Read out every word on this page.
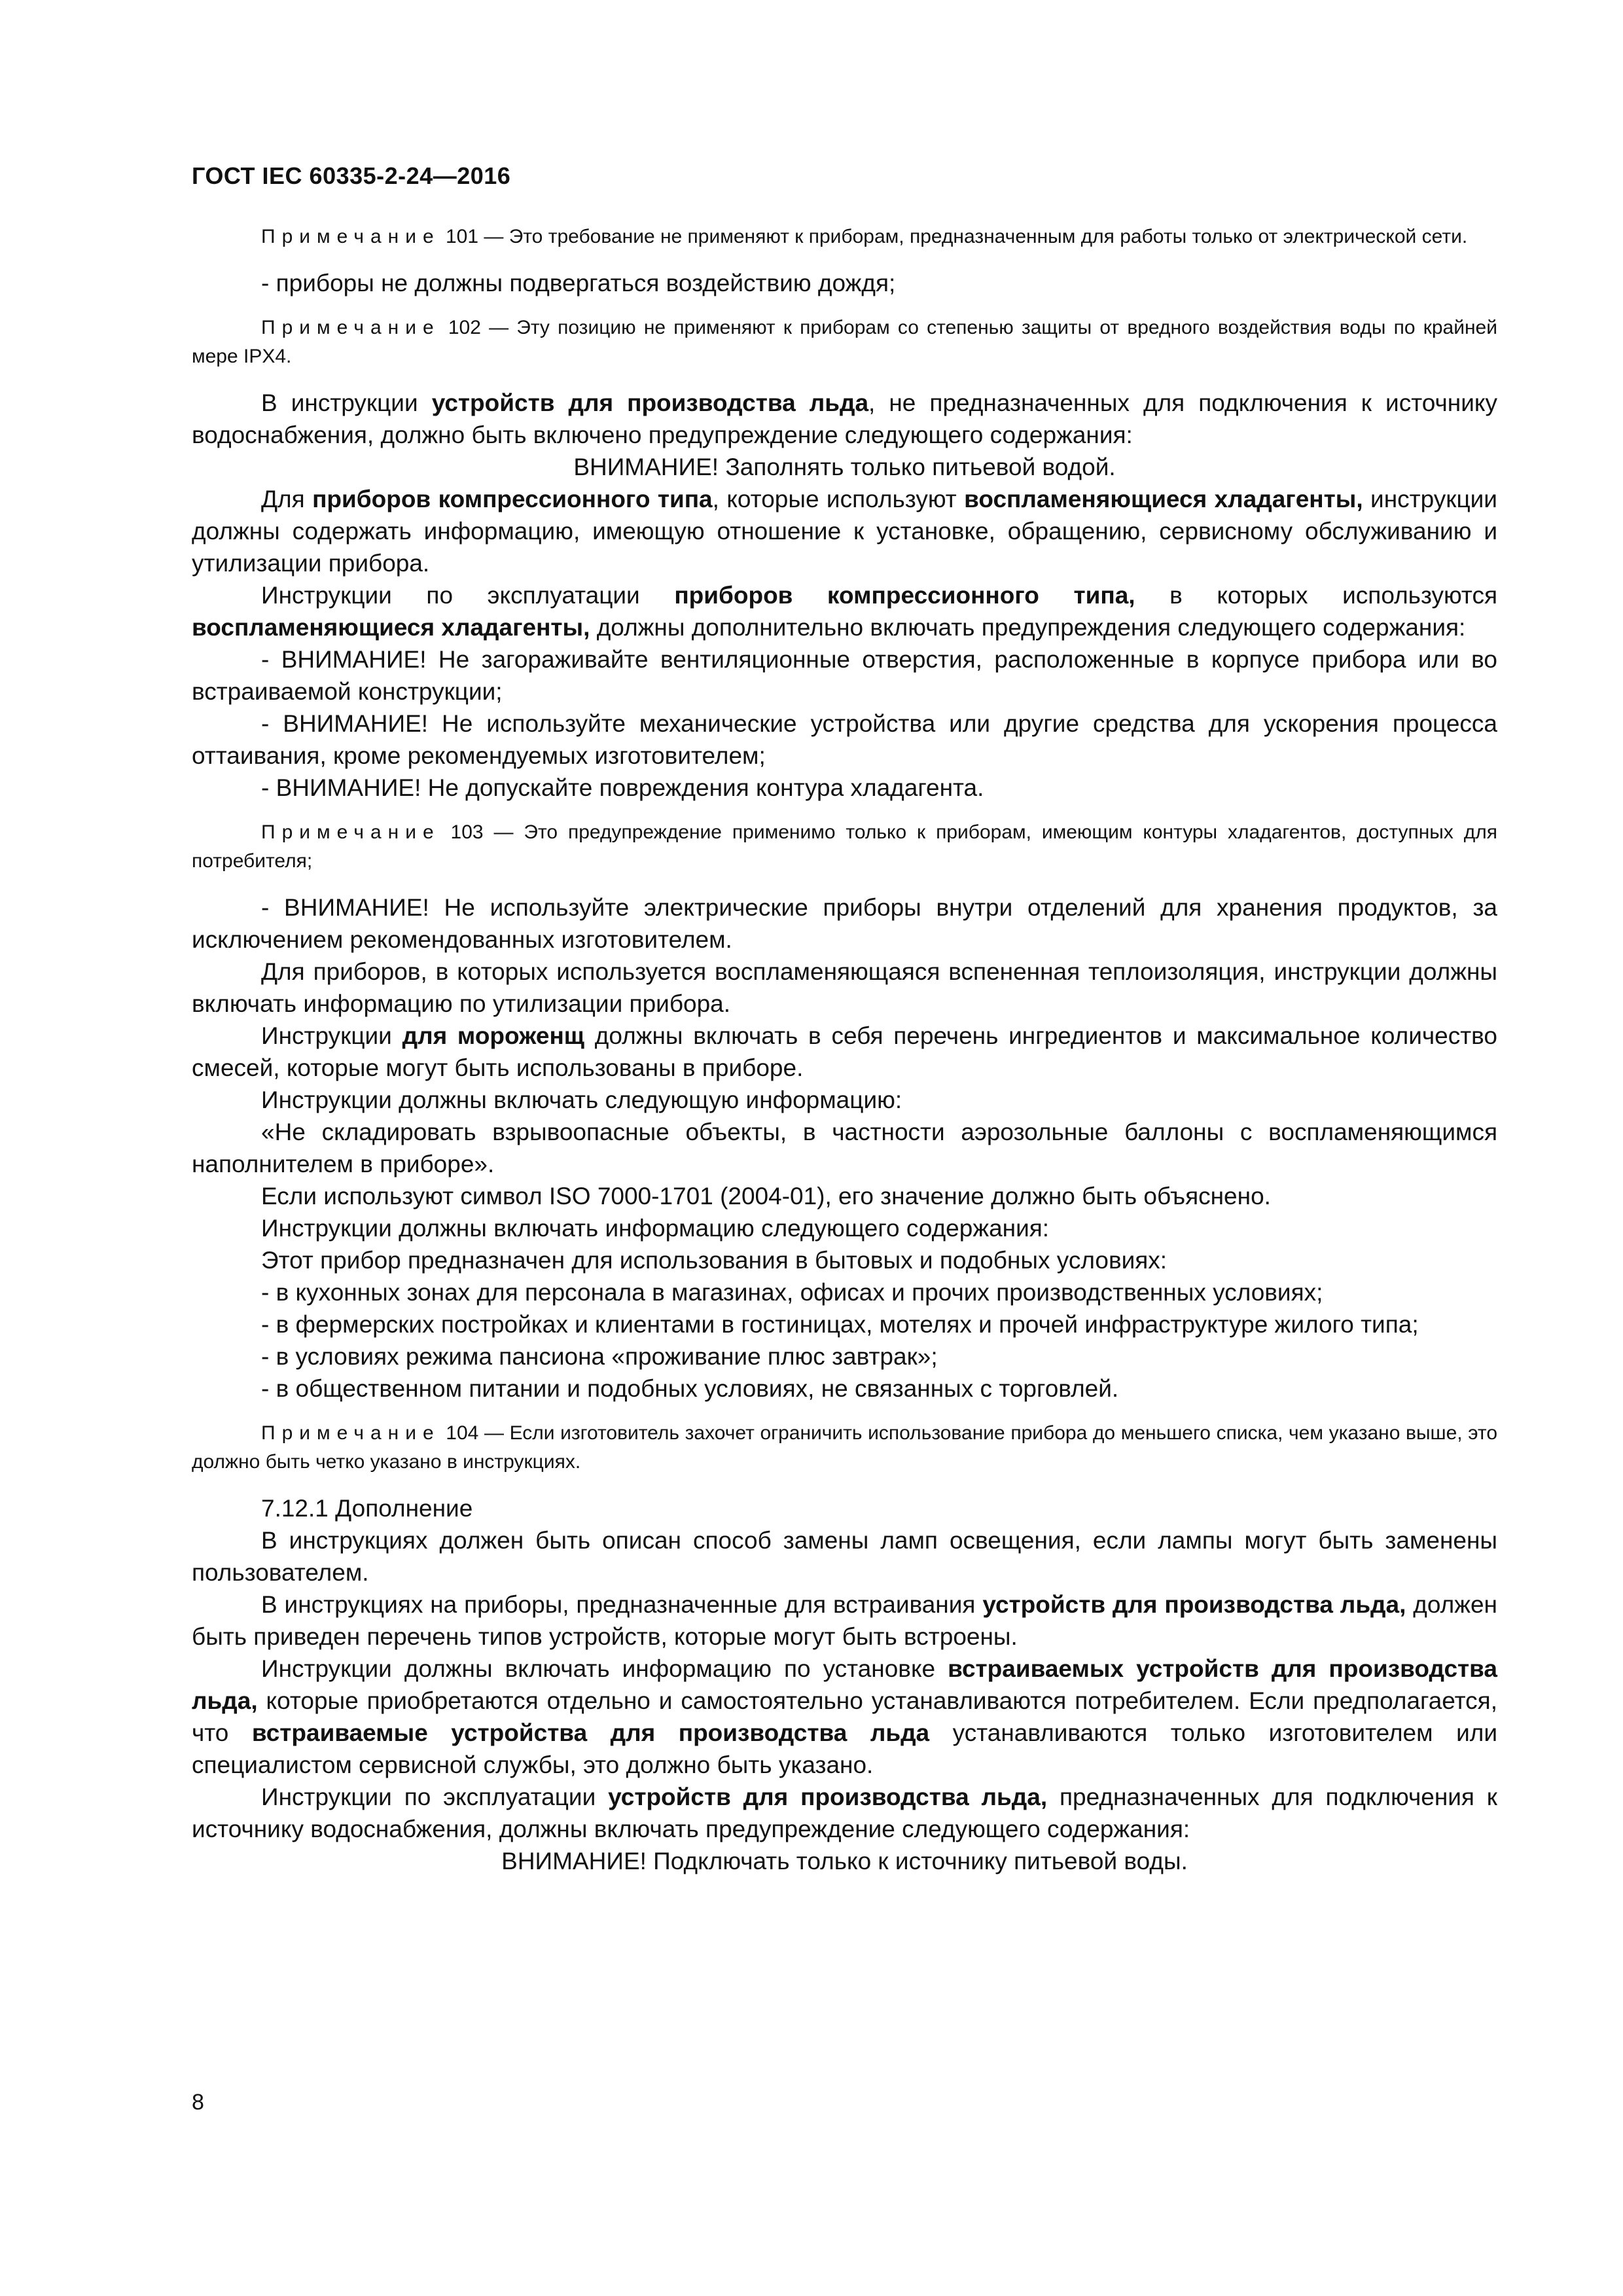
ГОСТ IEC 60335-2-24—2016

Примечание 101 — Это требование не применяют к приборам, предназначенным для работы только от электрической сети.

- приборы не должны подвергаться воздействию дождя;

Примечание 102 — Эту позицию не применяют к приборам со степенью защиты от вредного воздействия воды по крайней мере IPX4.

В инструкции устройств для производства льда, не предназначенных для подключения к источнику водоснабжения, должно быть включено предупреждение следующего содержания:

ВНИМАНИЕ! Заполнять только питьевой водой.

Для приборов компрессионного типа, которые используют воспламеняющиеся хладагенты, инструкции должны содержать информацию, имеющую отношение к установке, обращению, сервисному обслуживанию и утилизации прибора.

Инструкции по эксплуатации приборов компрессионного типа, в которых используются воспламеняющиеся хладагенты, должны дополнительно включать предупреждения следующего содержания:

- ВНИМАНИЕ! Не загораживайте вентиляционные отверстия, расположенные в корпусе прибора или во встраиваемой конструкции;

- ВНИМАНИЕ! Не используйте механические устройства или другие средства для ускорения процесса оттаивания, кроме рекомендуемых изготовителем;

- ВНИМАНИЕ! Не допускайте повреждения контура хладагента.

Примечание 103 — Это предупреждение применимо только к приборам, имеющим контуры хладагентов, доступных для потребителя;

- ВНИМАНИЕ! Не используйте электрические приборы внутри отделений для хранения продуктов, за исключением рекомендованных изготовителем.

Для приборов, в которых используется воспламеняющаяся вспененная теплоизоляция, инструкции должны включать информацию по утилизации прибора.

Инструкции для мороженщ должны включать в себя перечень ингредиентов и максимальное количество смесей, которые могут быть использованы в приборе.

Инструкции должны включать следующую информацию:

«Не складировать взрывоопасные объекты, в частности аэрозольные баллоны с воспламеняющимся наполнителем в приборе».

Если используют символ ISO 7000-1701 (2004-01), его значение должно быть объяснено.

Инструкции должны включать информацию следующего содержания:

Этот прибор предназначен для использования в бытовых и подобных условиях:

- в кухонных зонах для персонала в магазинах, офисах и прочих производственных условиях;

- в фермерских постройках и клиентами в гостиницах, мотелях и прочей инфраструктуре жилого типа;

- в условиях режима пансиона «проживание плюс завтрак»;

- в общественном питании и подобных условиях, не связанных с торговлей.

Примечание 104 — Если изготовитель захочет ограничить использование прибора до меньшего списка, чем указано выше, это должно быть четко указано в инструкциях.

7.12.1 Дополнение

В инструкциях должен быть описан способ замены ламп освещения, если лампы могут быть заменены пользователем.

В инструкциях на приборы, предназначенные для встраивания устройств для производства льда, должен быть приведен перечень типов устройств, которые могут быть встроены.

Инструкции должны включать информацию по установке встраиваемых устройств для производства льда, которые приобретаются отдельно и самостоятельно устанавливаются потребителем. Если предполагается, что встраиваемые устройства для производства льда устанавливаются только изготовителем или специалистом сервисной службы, это должно быть указано.

Инструкции по эксплуатации устройств для производства льда, предназначенных для подключения к источнику водоснабжения, должны включать предупреждение следующего содержания:

ВНИМАНИЕ! Подключать только к источнику питьевой воды.

8
